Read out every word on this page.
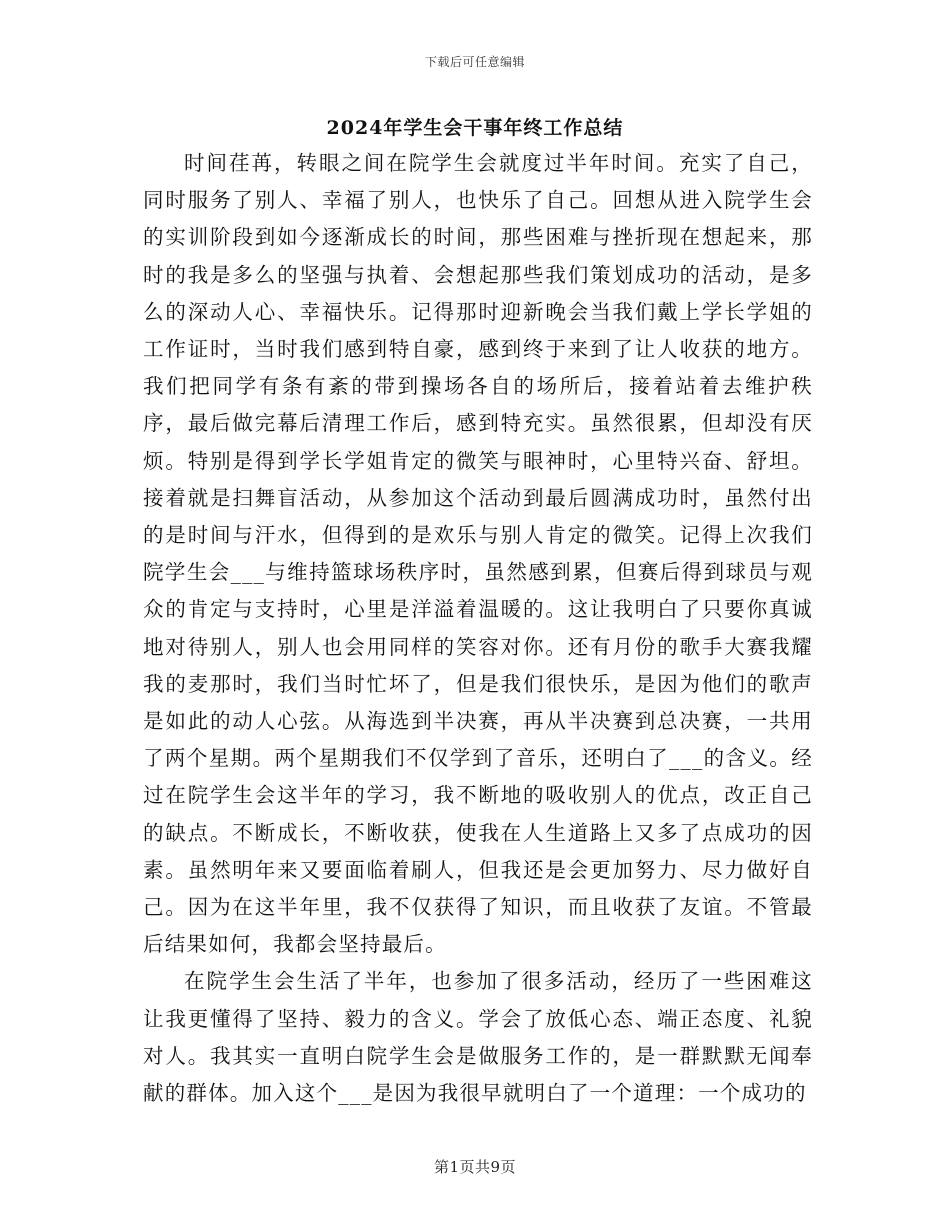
下载后可任意编辑
2024年学生会干事年终工作总结

时间荏苒，转眼之间在院学生会就度过半年时间。充实了自己，同时服务了别人、幸福了别人，也快乐了自己。回想从进入院学生会的实训阶段到如今逐渐成长的时间，那些困难与挫折现在想起来，那时的我是多么的坚强与执着、会想起那些我们策划成功的活动，是多么的深动人心、幸福快乐。记得那时迎新晚会当我们戴上学长学姐的工作证时，当时我们感到特自豪，感到终于来到了让人收获的地方。我们把同学有条有紊的带到操场各自的场所后，接着站着去维护秩序，最后做完幕后清理工作后，感到特充实。虽然很累，但却没有厌烦。特别是得到学长学姐肯定的微笑与眼神时，心里特兴奋、舒坦。接着就是扫舞盲活动，从参加这个活动到最后圆满成功时，虽然付出的是时间与汗水，但得到的是欢乐与别人肯定的微笑。记得上次我们院学生会___与维持篮球场秩序时，虽然感到累，但赛后得到球员与观众的肯定与支持时，心里是洋溢着温暖的。这让我明白了只要你真诚地对待别人，别人也会用同样的笑容对你。还有月份的歌手大赛我耀我的麦那时，我们当时忙坏了，但是我们很快乐，是因为他们的歌声是如此的动人心弦。从海选到半决赛，再从半决赛到总决赛，一共用了两个星期。两个星期我们不仅学到了音乐，还明白了___的含义。经过在院学生会这半年的学习，我不断地的吸收别人的优点，改正自己的缺点。不断成长，不断收获，使我在人生道路上又多了点成功的因素。虽然明年来又要面临着刷人，但我还是会更加努力、尽力做好自己。因为在这半年里，我不仅获得了知识，而且收获了友谊。不管最后结果如何，我都会坚持最后。

在院学生会生活了半年，也参加了很多活动，经历了一些困难这让我更懂得了坚持、毅力的含义。学会了放低心态、端正态度、礼貌对人。我其实一直明白院学生会是做服务工作的，是一群默默无闻奉献的群体。加入这个___是因为我很早就明白了一个道理：一个成功的

第1页共9页
